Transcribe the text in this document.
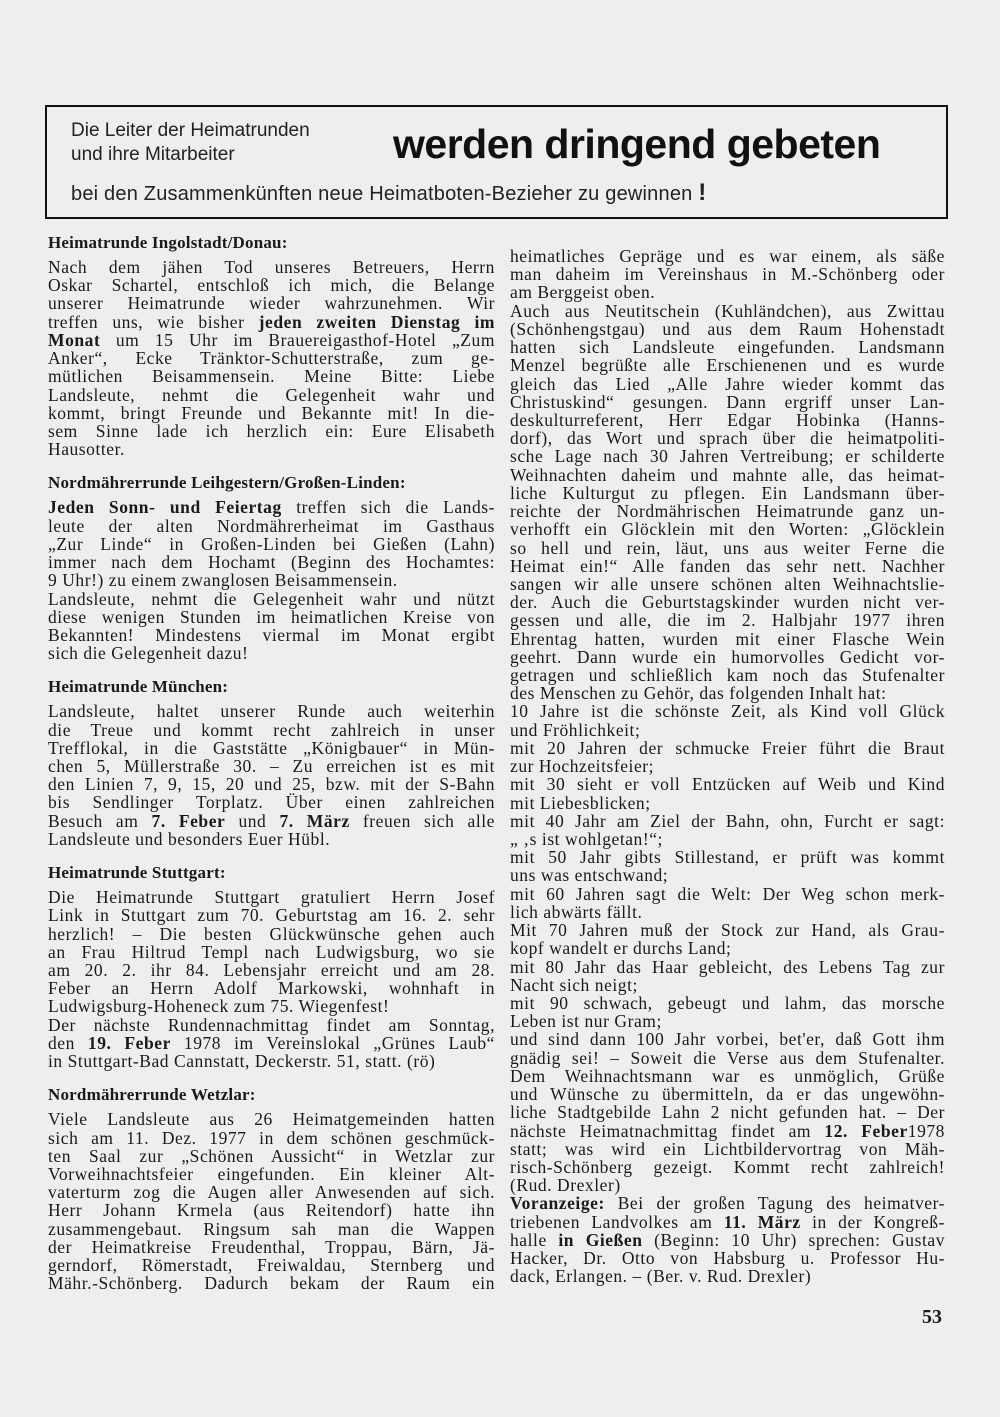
Die Leiter der Heimatrunden
und ihre Mitarbeiter	werden dringend gebeten
bei den Zusammenkünften neue Heimatboten-Bezieher zu gewinnen !
Heimatrunde Ingolstadt/Donau:
Nach dem jähen Tod unseres Betreuers, Herrn
Oskar Schartel, entschloß ich mich, die Belange
unserer Heimatrunde wieder wahrzunehmen. Wir
treffen uns, wie bisher jeden zweiten Dienstag im
Monat um 15 Uhr im Brauereigasthof-Hotel „Zum
Anker“, Ecke Tränktor-Schutterstraße, zum ge-
mütlichen Beisammensein. Meine Bitte: Liebe
Landsleute, nehmt die Gelegenheit wahr und
kommt, bringt Freunde und Bekannte mit! In die-
sem Sinne lade ich herzlich ein: Eure Elisabeth
Hausotter.
Nordmährerrunde Leihgestern/Großen-Linden:
Jeden Sonn- und Feiertag treffen sich die Lands-
leute der alten Nordmährerheimat im Gasthaus
„Zur Linde“ in Großen-Linden bei Gießen (Lahn)
immer nach dem Hochamt (Beginn des Hochamtes:
9 Uhr!) zu einem zwanglosen Beisammensein.
Landsleute, nehmt die Gelegenheit wahr und nützt
diese wenigen Stunden im heimatlichen Kreise von
Bekannten! Mindestens viermal im Monat ergibt
sich die Gelegenheit dazu!
Heimatrunde München:
Landsleute, haltet unserer Runde auch weiterhin
die Treue und kommt recht zahlreich in unser
Trefflokal, in die Gaststätte „Königbauer“ in Mün-
chen 5, Müllerstraße 30. – Zu erreichen ist es mit
den Linien 7, 9, 15, 20 und 25, bzw. mit der S-Bahn
bis Sendlinger Torplatz. Über einen zahlreichen
Besuch am 7. Feber und 7. März freuen sich alle
Landsleute und besonders Euer Hübl.
Heimatrunde Stuttgart:
Die Heimatrunde Stuttgart gratuliert Herrn Josef
Link in Stuttgart zum 70. Geburtstag am 16. 2. sehr
herzlich! – Die besten Glückwünsche gehen auch
an Frau Hiltrud Templ nach Ludwigsburg, wo sie
am 20. 2. ihr 84. Lebensjahr erreicht und am 28.
Feber an Herrn Adolf Markowski, wohnhaft in
Ludwigsburg-Hoheneck zum 75. Wiegenfest!
Der nächste Rundennachmittag findet am Sonntag,
den 19. Feber 1978 im Vereinslokal „Grünes Laub“
in Stuttgart-Bad Cannstatt, Deckerstr. 51, statt. (rö)
Nordmährerrunde Wetzlar:
Viele Landsleute aus 26 Heimatgemeinden hatten
sich am 11. Dez. 1977 in dem schönen geschmück-
ten Saal zur „Schönen Aussicht“ in Wetzlar zur
Vorweihnachtsfeier eingefunden. Ein kleiner Alt-
vaterturm zog die Augen aller Anwesenden auf sich.
Herr Johann Krmela (aus Reitendorf) hatte ihn
zusammengebaut. Ringsum sah man die Wappen
der Heimatkreise Freudenthal, Troppau, Bärn, Jä-
gerndorf, Römerstadt, Freiwaldau, Sternberg und
Mähr.-Schönberg. Dadurch bekam der Raum ein
heimatliches Gepräge und es war einem, als säße
man daheim im Vereinshaus in M.-Schönberg oder
am Berggeist oben.
Auch aus Neutitschein (Kuhländchen), aus Zwittau
(Schönhengstgau) und aus dem Raum Hohenstadt
hatten sich Landsleute eingefunden. Landsmann
Menzel begrüßte alle Erschienenen und es wurde
gleich das Lied „Alle Jahre wieder kommt das
Christuskind“ gesungen. Dann ergriff unser Lan-
deskulturreferent, Herr Edgar Hobinka (Hanns-
dorf), das Wort und sprach über die heimatpoliti-
sche Lage nach 30 Jahren Vertreibung; er schilderte
Weihnachten daheim und mahnte alle, das heimat-
liche Kulturgut zu pflegen. Ein Landsmann über-
reichte der Nordmährischen Heimatrunde ganz un-
verhofft ein Glöcklein mit den Worten: „Glöcklein
so hell und rein, läut, uns aus weiter Ferne die
Heimat ein!“ Alle fanden das sehr nett. Nachher
sangen wir alle unsere schönen alten Weihnachtslie-
der. Auch die Geburtstagskinder wurden nicht ver-
gessen und alle, die im 2. Halbjahr 1977 ihren
Ehrentag hatten, wurden mit einer Flasche Wein
geehrt. Dann wurde ein humorvolles Gedicht vor-
getragen und schließlich kam noch das Stufenalter
des Menschen zu Gehör, das folgenden Inhalt hat:
10 Jahre ist die schönste Zeit, als Kind voll Glück
und Fröhlichkeit;
mit 20 Jahren der schmucke Freier führt die Braut
zur Hochzeitsfeier;
mit 30 sieht er voll Entzücken auf Weib und Kind
mit Liebesblicken;
mit 40 Jahr am Ziel der Bahn, ohn, Furcht er sagt:
„ ‚s ist wohlgetan!“;
mit 50 Jahr gibts Stillestand, er prüft was kommt
uns was entschwand;
mit 60 Jahren sagt die Welt: Der Weg schon merk-
lich abwärts fällt.
Mit 70 Jahren muß der Stock zur Hand, als Grau-
kopf wandelt er durchs Land;
mit 80 Jahr das Haar gebleicht, des Lebens Tag zur
Nacht sich neigt;
mit 90 schwach, gebeugt und lahm, das morsche
Leben ist nur Gram;
und sind dann 100 Jahr vorbei, bet'er, daß Gott ihm
gnädig sei! – Soweit die Verse aus dem Stufenalter.
Dem Weihnachtsmann war es unmöglich, Grüße
und Wünsche zu übermitteln, da er das ungewöhn-
liche Stadtgebilde Lahn 2 nicht gefunden hat. – Der
nächste Heimatnachmittag findet am 12. Feber1978
statt; was wird ein Lichtbildervortrag von Mäh-
risch-Schönberg gezeigt. Kommt recht zahlreich!
(Rud. Drexler)
Voranzeige: Bei der großen Tagung des heimatver-
triebenen Landvolkes am 11. März in der Kongreß-
halle in Gießen (Beginn: 10 Uhr) sprechen: Gustav
Hacker, Dr. Otto von Habsburg u. Professor Hu-
dack, Erlangen. – (Ber. v. Rud. Drexler)
53
